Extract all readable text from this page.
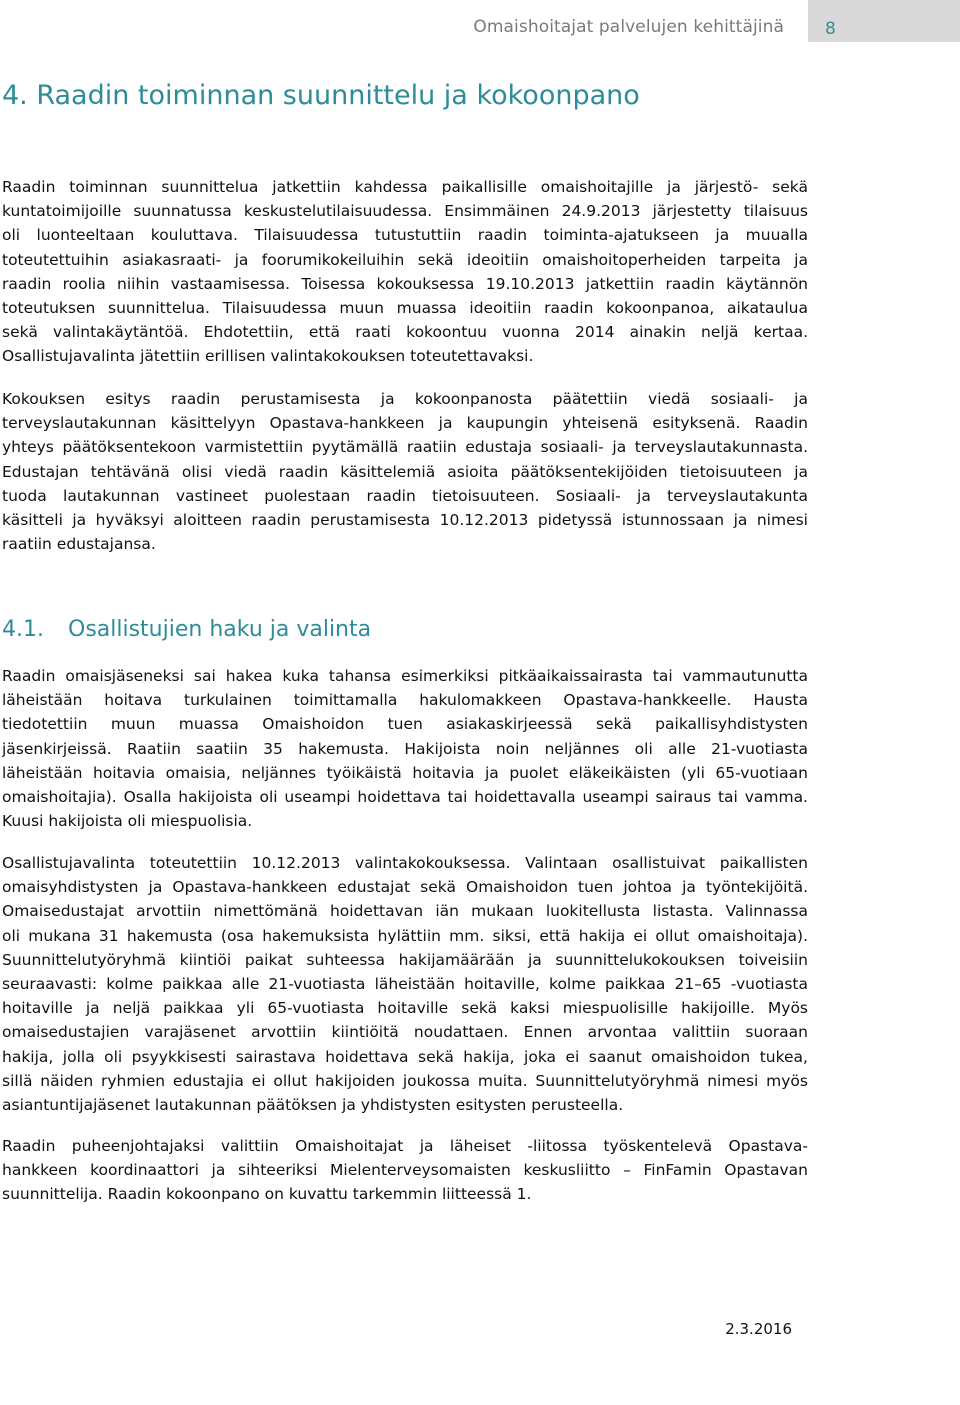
Omaishoitajat palvelujen kehittäjinä	8
4. Raadin toiminnan suunnittelu ja kokoonpano
Raadin toiminnan suunnittelua jatkettiin kahdessa paikallisille omaishoitajille ja järjestö- sekä
kuntatoimijoille suunnatussa keskustelutilaisuudessa. Ensimmäinen 24.9.2013 järjestetty tilaisuus
oli luonteeltaan kouluttava. Tilaisuudessa tutustuttiin raadin toiminta-ajatukseen ja muualla
toteutettuihin asiakasraati- ja foorumikokeiluihin sekä ideoitiin omaishoitoperheiden tarpeita ja
raadin roolia niihin vastaamisessa. Toisessa kokouksessa 19.10.2013 jatkettiin raadin käytännön
toteutuksen suunnittelua. Tilaisuudessa muun muassa ideoitiin raadin kokoonpanoa, aikataulua
sekä valintakäytäntöä. Ehdotettiin, että raati kokoontuu vuonna 2014 ainakin neljä kertaa.
Osallistujavalinta jätettiin erillisen valintakokouksen toteutettavaksi.
Kokouksen esitys raadin perustamisesta ja kokoonpanosta päätettiin viedä sosiaali- ja
terveyslautakunnan käsittelyyn Opastava-hankkeen ja kaupungin yhteisenä esityksenä. Raadin
yhteys päätöksentekoon varmistettiin pyytämällä raatiin edustaja sosiaali- ja terveyslautakunnasta.
Edustajan tehtävänä olisi viedä raadin käsittelemiä asioita päätöksentekijöiden tietoisuuteen ja
tuoda lautakunnan vastineet puolestaan raadin tietoisuuteen. Sosiaali- ja terveyslautakunta
käsitteli ja hyväksyi aloitteen raadin perustamisesta 10.12.2013 pidetyssä istunnossaan ja nimesi
raatiin edustajansa.
4.1. Osallistujien haku ja valinta
Raadin omaisjäseneksi sai hakea kuka tahansa esimerkiksi pitkäaikaissairasta tai vammautunutta
läheistään hoitava turkulainen toimittamalla hakulomakkeen Opastava-hankkeelle. Hausta
tiedotettiin muun muassa Omaishoidon tuen asiakaskirjeessä sekä paikallisyhdistysten
jäsenkirjeissä. Raatiin saatiin 35 hakemusta. Hakijoista noin neljännes oli alle 21-vuotiasta
läheistään hoitavia omaisia, neljännes työikäistä hoitavia ja puolet eläkeikäisten (yli 65-vuotiaan
omaishoitajia). Osalla hakijoista oli useampi hoidettava tai hoidettavalla useampi sairaus tai vamma.
Kuusi hakijoista oli miespuolisia.
Osallistujavalinta toteutettiin 10.12.2013 valintakokouksessa. Valintaan osallistuivat paikallisten
omaisyhdistysten ja Opastava-hankkeen edustajat sekä Omaishoidon tuen johtoa ja työntekijöitä.
Omaisedustajat arvottiin nimettömänä hoidettavan iän mukaan luokitellusta listasta. Valinnassa
oli mukana 31 hakemusta (osa hakemuksista hylättiin mm. siksi, että hakija ei ollut omaishoitaja).
Suunnittelutyöryhmä kiintiöi paikat suhteessa hakijamäärään ja suunnittelukokouksen toiveisiin
seuraavasti: kolme paikkaa alle 21-vuotiasta läheistään hoitaville, kolme paikkaa 21–65 -vuotiasta
hoitaville ja neljä paikkaa yli 65-vuotiasta hoitaville sekä kaksi miespuolisille hakijoille. Myös
omaisedustajien varajäsenet arvottiin kiintiöitä noudattaen. Ennen arvontaa valittiin suoraan
hakija, jolla oli psyykkisesti sairastava hoidettava sekä hakija, joka ei saanut omaishoidon tukea,
sillä näiden ryhmien edustajia ei ollut hakijoiden joukossa muita. Suunnittelutyöryhmä nimesi myös
asiantuntijajäsenet lautakunnan päätöksen ja yhdistysten esitysten perusteella.
Raadin puheenjohtajaksi valittiin Omaishoitajat ja läheiset -liitossa työskentelevä Opastava-
hankkeen koordinaattori ja sihteeriksi Mielenterveysomaisten keskusliitto – FinFamin Opastavan
suunnittelija. Raadin kokoonpano on kuvattu tarkemmin liitteessä 1.
2.3.2016
